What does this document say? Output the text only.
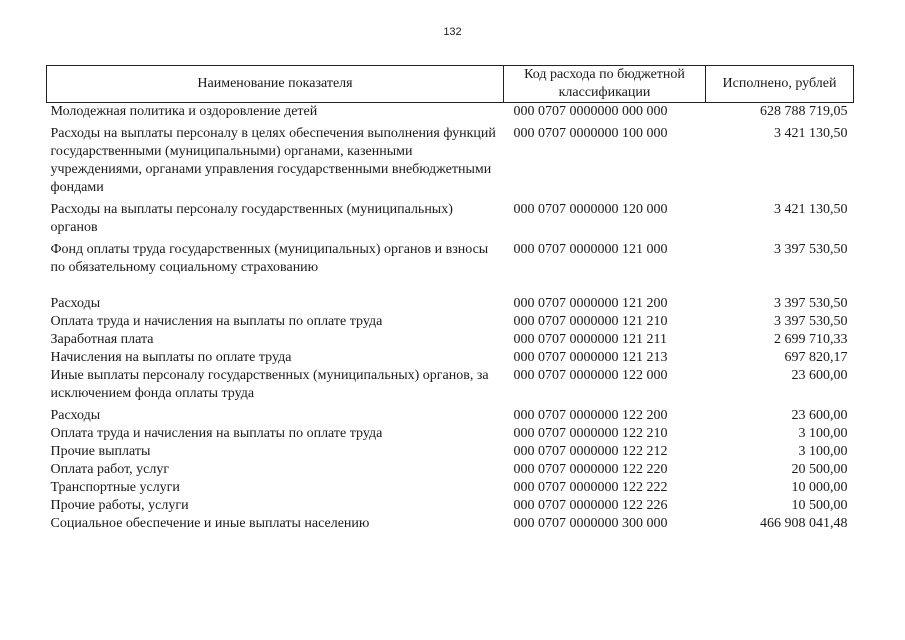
132
Наименование показателя	Код расхода по бюджетной классификации	Исполнено, рублей
Молодежная политика и оздоровление детей	000 0707 0000000 000 000	628 788 719,05
Расходы на выплаты персоналу в целях обеспечения выполнения функций государственными (муниципальными) органами, казенными учреждениями, органами управления государственными внебюджетными фондами	000 0707 0000000 100 000	3 421 130,50
Расходы на выплаты персоналу государственных (муниципальных) органов	000 0707 0000000 120 000	3 421 130,50
Фонд оплаты труда государственных (муниципальных) органов и взносы по обязательному социальному страхованию	000 0707 0000000 121 000	3 397 530,50
Расходы	000 0707 0000000 121 200	3 397 530,50
Оплата труда и начисления на выплаты по оплате труда	000 0707 0000000 121 210	3 397 530,50
Заработная плата	000 0707 0000000 121 211	2 699 710,33
Начисления на выплаты по оплате труда	000 0707 0000000 121 213	697 820,17
Иные выплаты персоналу государственных (муниципальных) органов, за исключением фонда оплаты труда	000 0707 0000000 122 000	23 600,00
Расходы	000 0707 0000000 122 200	23 600,00
Оплата труда и начисления на выплаты по оплате труда	000 0707 0000000 122 210	3 100,00
Прочие выплаты	000 0707 0000000 122 212	3 100,00
Оплата работ, услуг	000 0707 0000000 122 220	20 500,00
Транспортные услуги	000 0707 0000000 122 222	10 000,00
Прочие работы, услуги	000 0707 0000000 122 226	10 500,00
Социальное обеспечение и иные выплаты населению	000 0707 0000000 300 000	466 908 041,48
